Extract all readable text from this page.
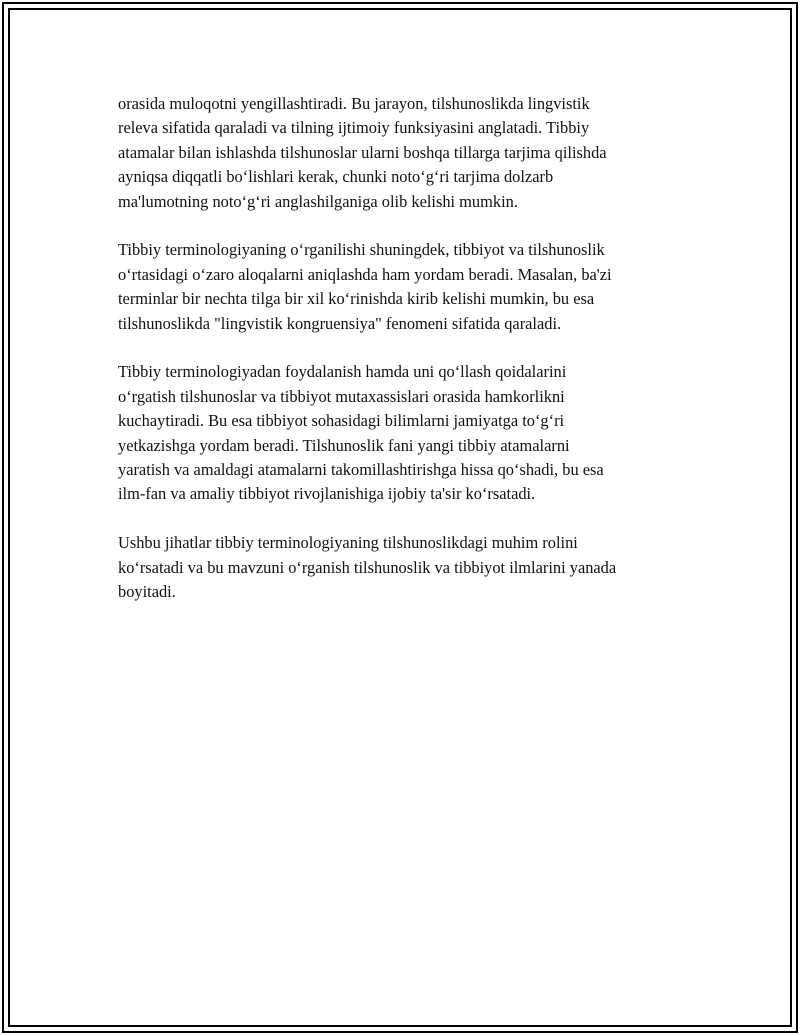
orasida muloqotni yengillashtiradi. Bu jarayon, tilshunoslikda lingvistik
releva sifatida qaraladi va tilning ijtimoiy funksiyasini anglatadi. Tibbiy
atamalar bilan ishlashda tilshunoslar ularni boshqa tillarga tarjima qilishda
ayniqsa diqqatli bo‘lishlari kerak, chunki noto‘g‘ri tarjima dolzarb
ma'lumotning noto‘g‘ri anglashilganiga olib kelishi mumkin.

Tibbiy terminologiyaning o‘rganilishi shuningdek, tibbiyot va tilshunoslik
o‘rtasidagi o‘zaro aloqalarni aniqlashda ham yordam beradi. Masalan, ba'zi
terminlar bir nechta tilga bir xil ko‘rinishda kirib kelishi mumkin, bu esa
tilshunoslikda "lingvistik kongruensiya" fenomeni sifatida qaraladi.

Tibbiy terminologiyadan foydalanish hamda uni qo‘llash qoidalarini
o‘rgatish tilshunoslar va tibbiyot mutaxassislari orasida hamkorlikni
kuchaytiradi. Bu esa tibbiyot sohasidagi bilimlarni jamiyatga to‘g‘ri
yetkazishga yordam beradi. Tilshunoslik fani yangi tibbiy atamalarni
yaratish va amaldagi atamalarni takomillashtirishga hissa qo‘shadi, bu esa
ilm-fan va amaliy tibbiyot rivojlanishiga ijobiy ta'sir ko‘rsatadi.

Ushbu jihatlar tibbiy terminologiyaning tilshunoslikdagi muhim rolini
ko‘rsatadi va bu mavzuni o‘rganish tilshunoslik va tibbiyot ilmlarini yanada
boyitadi.
